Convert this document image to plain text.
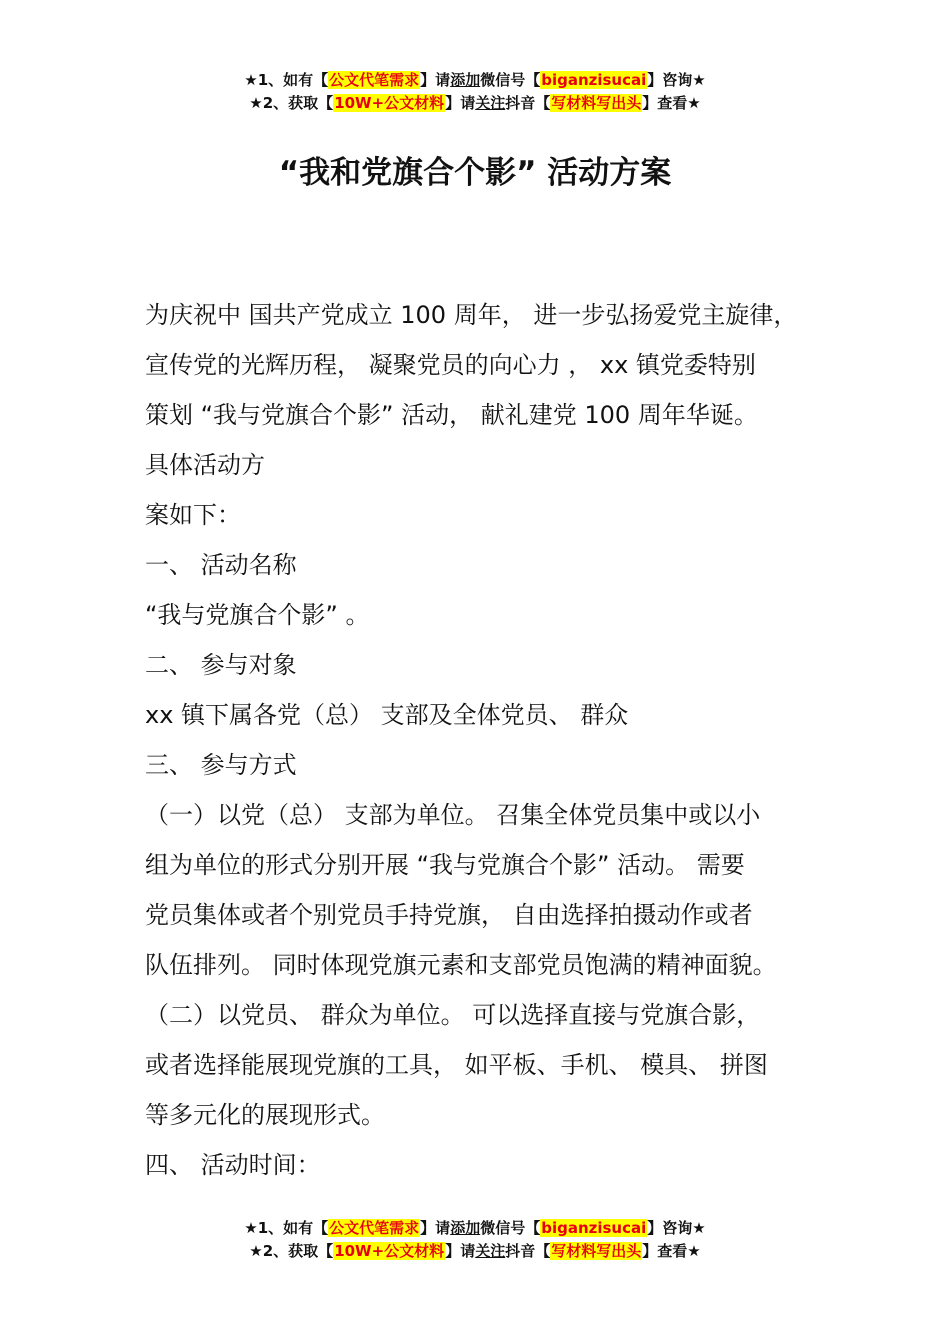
★1、如有【公文代笔需求】请添加微信号【biganzisucai】咨询★
★2、获取【10W+公文材料】请关注抖音【写材料写出头】查看★
“我和党旗合个影” 活动方案
为庆祝中 国共产党成立 100 周年， 进一步弘扬爱党主旋律，
宣传党的光辉历程， 凝聚党员的向心力 ， xx 镇党委特别
策划 “我与党旗合个影” 活动， 献礼建党 100 周年华诞。
具体活动方
案如下：
一、 活动名称
“我与党旗合个影” 。
二、 参与对象
xx 镇下属各党（总） 支部及全体党员、 群众
三、 参与方式
（一）以党（总） 支部为单位。 召集全体党员集中或以小
组为单位的形式分别开展 “我与党旗合个影” 活动。 需要
党员集体或者个别党员手持党旗， 自由选择拍摄动作或者
队伍排列。 同时体现党旗元素和支部党员饱满的精神面貌。
（二）以党员、 群众为单位。 可以选择直接与党旗合影，
或者选择能展现党旗的工具， 如平板、手机、 模具、 拼图
等多元化的展现形式。
四、 活动时间：
★1、如有【公文代笔需求】请添加微信号【biganzisucai】咨询★
★2、获取【10W+公文材料】请关注抖音【写材料写出头】查看★
